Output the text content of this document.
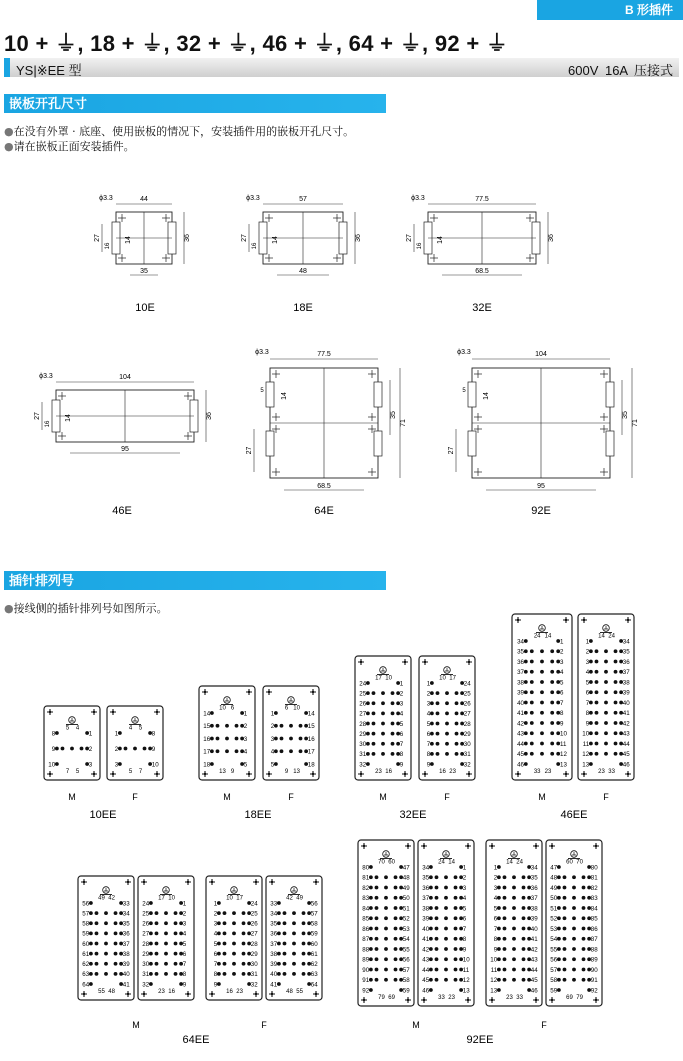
B 形插件
10 + ⏚, 18 + ⏚, 32 + ⏚, 46 + ⏚, 64 + ⏚, 92 + ⏚
YS|※EE 型	600V 16A 压接式
嵌板开孔尺寸
●在没有外罩 · 底座、使用嵌板的情况下，安装插件用的嵌板开孔尺寸。
●请在嵌板正面安装插件。
44
35
27	36
16
14
ϕ3.3
10E
57
48
27	36
16
14
ϕ3.3
18E
77.5
68.5
27	36
16
14
ϕ3.3
32E
104
95
27	36
16
14
ϕ3.3
46E
77.5
68.5
27
35
71
5
14
ϕ3.3
64E
104
95
27
35
71
5
14
ϕ3.3
92E
插针排列号
●接线侧的插针排列号如图所示。
8	1
9	2
10	3
5 4
7 5
1	8
2	9
3	10
4 5
5 7
M	F
10EE
14	1
15	2
16	3
17	4
18	5
10 6
13 9
1	14
2	15
3	16
4	17
5	18
6 10
9 13
M	F
18EE
24	1
25	2
26	3
27	4
28	5
29	6
30	7
31	8
32	9
17 10
23 16
1	24
2	25
3	26
4	27
5	28
6	29
7	30
8	31
9	32
10 17
16 23
M	F
32EE
34	1
35	2
36	3
37	4
38	5
39	6
40	7
41	8
42	9
43	10
44	11
45	12
46	13
24 14
33 23
1	34
2	35
3	36
4	37
5	38
6	39
7	40
8	41
9	42
10	43
11	44
12	45
13	46
14 24
23 33
M	F
46EE
56	33
57	34
58	35
59	36
60	37
61	38
62	39
63	40
64	41
49 42
55 48
24	1
25	2
26	3
27	4
28	5
29	6
30	7
31	8
32	9
17 10
23 16
1	24
2	25
3	26
4	27
5	28
6	29
7	30
8	31
9	32
10 17
16 23
33	56
34	57
35	58
36	59
37	60
38	61
39	62
40	63
41	64
42 49
48 55
M	F
64EE
80	47
81	48
82	49
83	50
84	51
85	52
86	53
87	54
88	55
89	56
90	57
91	58
92	59
70 60
79 69
34	1
35	2
36	3
37	4
38	5
39	6
40	7
41	8
42	9
43	10
44	11
45	12
46	13
24 14
33 23
1	34
2	35
3	36
4	37
5	38
6	39
7	40
8	41
9	42
10	43
11	44
12	45
13	46
14 24
23 33
47	80
48	81
49	82
50	83
51	84
52	85
53	86
54	87
55	88
56	89
57	90
58	91
59	92
60 70
69 79
M	F
92EE
